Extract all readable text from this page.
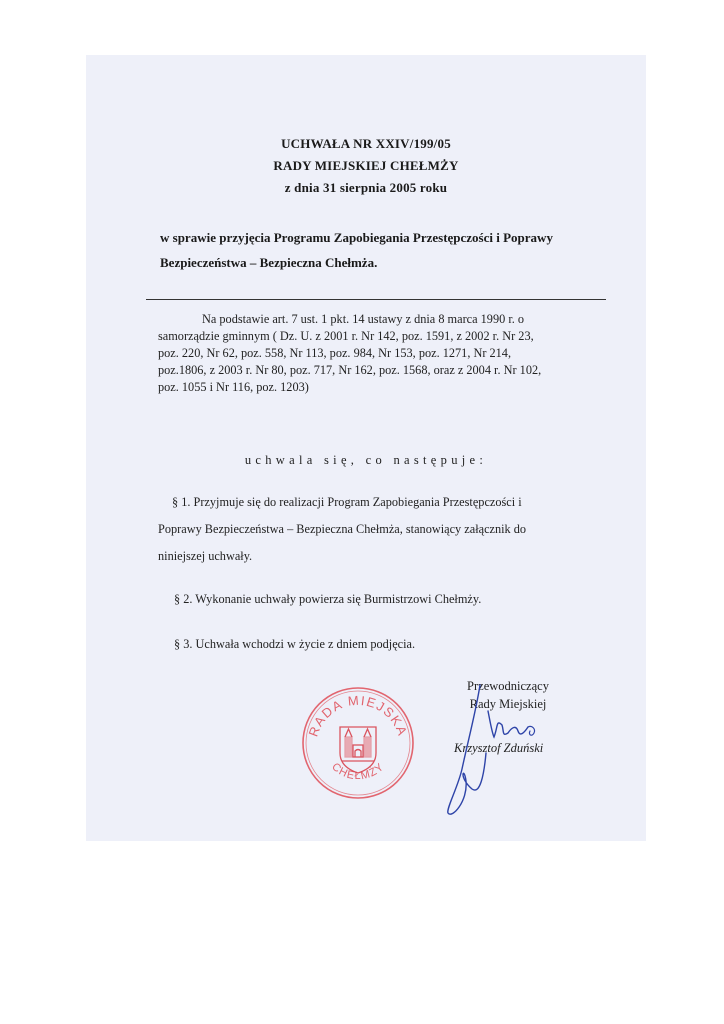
UCHWAŁA NR XXIV/199/05
RADY MIEJSKIEJ CHEŁMŻY
z dnia 31 sierpnia 2005 roku
w sprawie przyjęcia Programu Zapobiegania Przestępczości i Poprawy
Bezpieczeństwa – Bezpieczna Chełmża.
Na podstawie art. 7 ust. 1 pkt. 14 ustawy z dnia 8 marca 1990 r. o
samorządzie gminnym ( Dz. U. z 2001 r. Nr 142, poz. 1591, z 2002 r. Nr 23,
poz. 220, Nr 62, poz. 558, Nr 113, poz. 984, Nr 153, poz. 1271, Nr 214,
poz.1806, z 2003 r. Nr 80, poz. 717, Nr 162, poz. 1568, oraz z 2004 r. Nr 102,
poz. 1055 i Nr 116, poz. 1203)
uchwala się, co następuje:
§ 1. Przyjmuje się do realizacji Program Zapobiegania Przestępczości i
Poprawy Bezpieczeństwa – Bezpieczna Chełmża, stanowiący załącznik do
niniejszej uchwały.
§ 2. Wykonanie uchwały powierza się Burmistrzowi Chełmży.
§ 3. Uchwała wchodzi w życie z dniem podjęcia.
RADA MIEJSKA
CHEŁMŻY
Przewodniczący
Rady Miejskiej
Krzysztof Zduński
